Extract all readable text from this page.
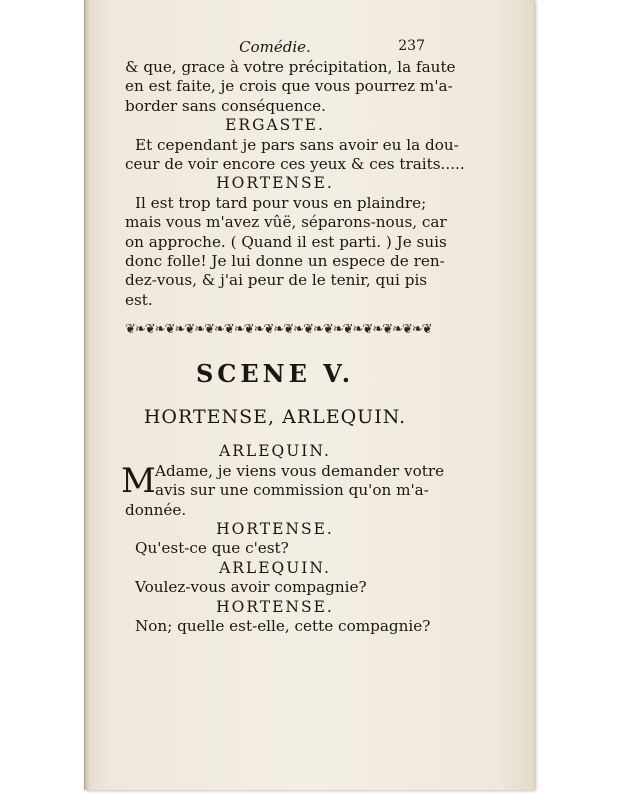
Comédie.	237
& que, grace à votre précipitation, la faute
en est faite, je crois que vous pourrez m'a-
border sans conséquence.
ERGASTE.
Et cependant je pars sans avoir eu la dou-
ceur de voir encore ces yeux & ces traits.....
HORTENSE.
Il est trop tard pour vous en plaindre;
mais vous m'avez vûë, séparons-nous, car
on approche. ( Quand il est parti. ) Je suis
donc folle! Je lui donne un espece de ren-
dez-vous, & j'ai peur de le tenir, qui pis
est.
❦❧❦❧❦❧❦❧❦❧❦❧❦❧❦❧❦❧❦❧❦❧❦❧❦❧❦❧❦❧❦
SCENE V.
HORTENSE, ARLEQUIN.
ARLEQUIN.
M Adame, je viens vous demander votre
avis sur une commission qu'on m'a-
donnée.
HORTENSE.
Qu'est-ce que c'est?
ARLEQUIN.
Voulez-vous avoir compagnie?
HORTENSE.
Non; quelle est-elle, cette compagnie?
